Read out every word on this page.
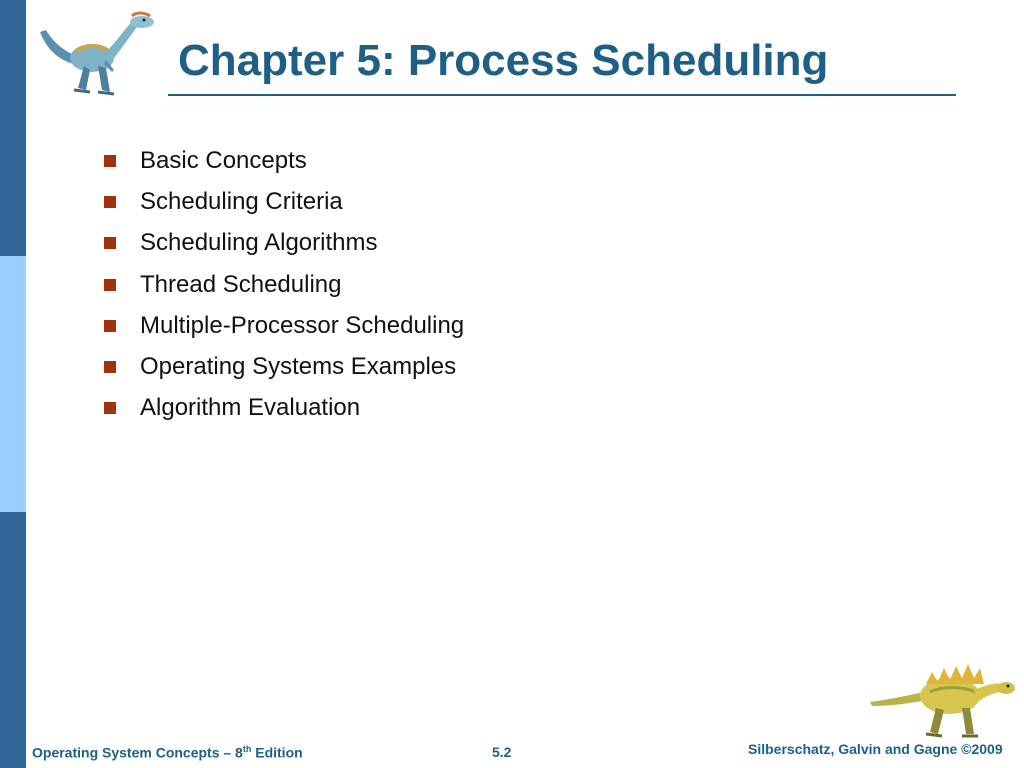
Chapter 5: Process Scheduling
Basic Concepts
Scheduling Criteria
Scheduling Algorithms
Thread Scheduling
Multiple-Processor Scheduling
Operating Systems Examples
Algorithm Evaluation
Operating System Concepts – 8th Edition	5.2	Silberschatz, Galvin and Gagne ©2009
